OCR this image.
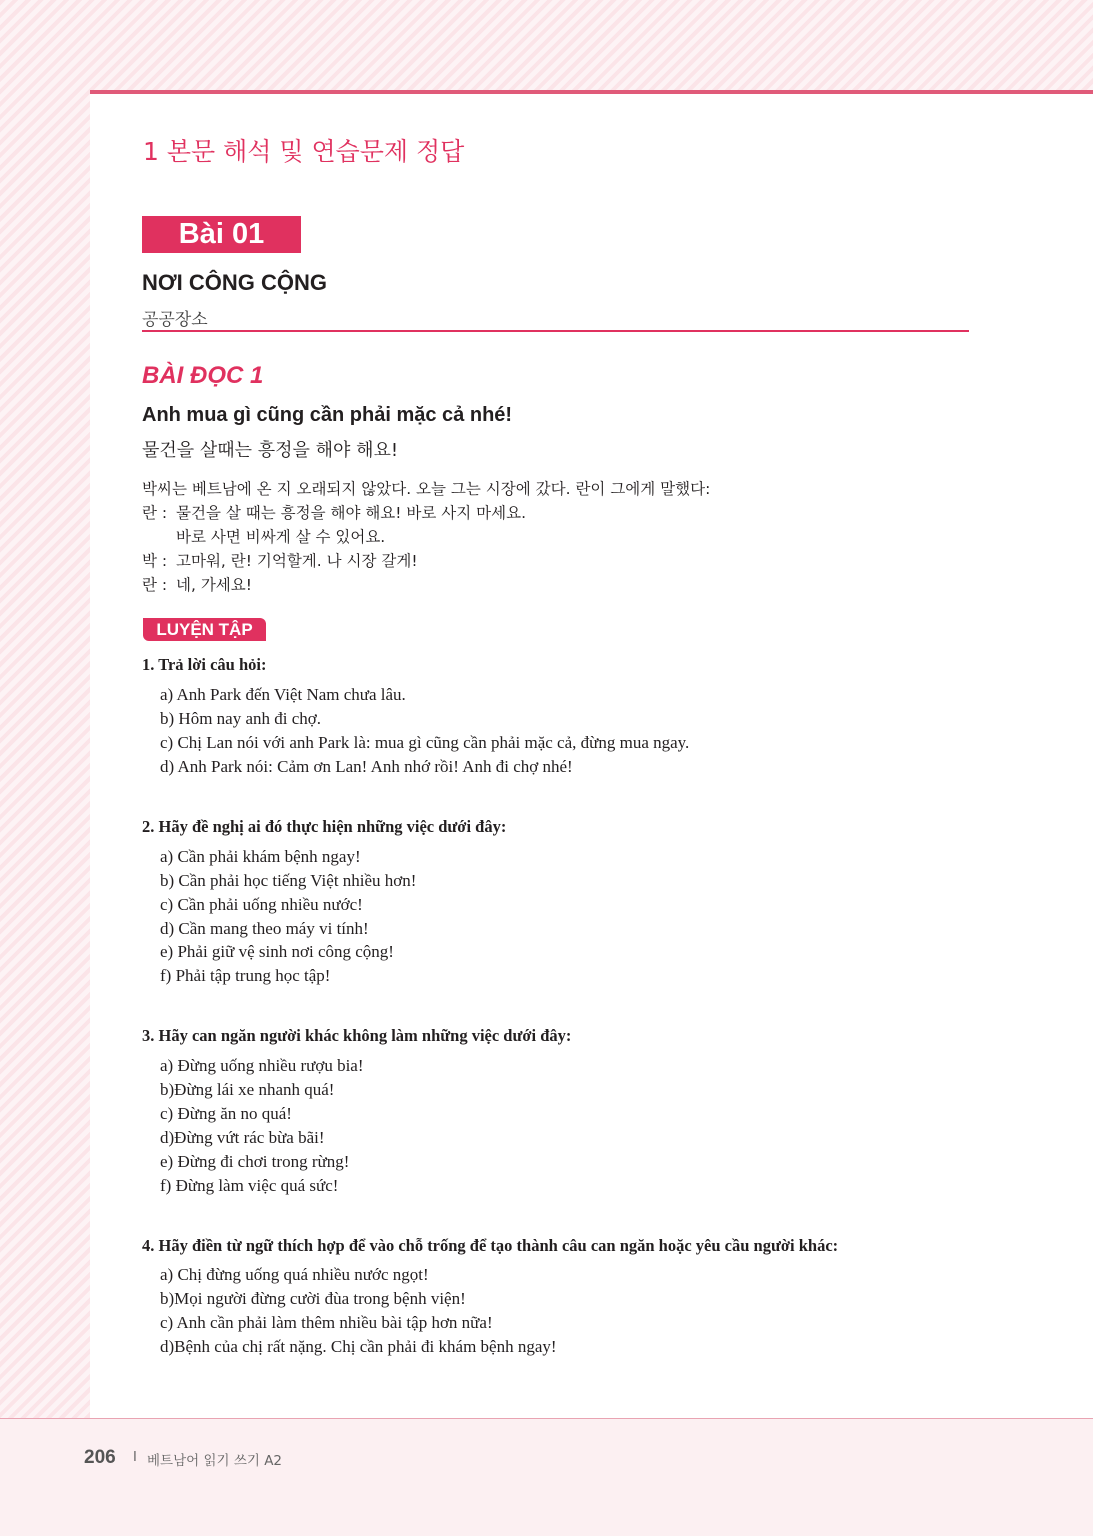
1 본문 해석 및 연습문제 정답
Bài 01
NƠI CÔNG CỘNG
공공장소
BÀI ĐỌC 1
Anh mua gì cũng cần phải mặc cả nhé!
물건을 살때는 흥정을 해야 해요!
박씨는 베트남에 온 지 오래되지 않았다. 오늘 그는 시장에 갔다. 란이 그에게 말했다:
란 : 물건을 살 때는 흥정을 해야 해요! 바로 사지 마세요.
바로 사면 비싸게 살 수 있어요.
박 : 고마워, 란! 기억할게. 나 시장 갈게!
란 : 네, 가세요!
LUYỆN TẬP
1. Trả lời câu hỏi:
a) Anh Park đến Việt Nam chưa lâu.
b) Hôm nay anh đi chợ.
c) Chị Lan nói với anh Park là: mua gì cũng cần phải mặc cả, đừng mua ngay.
d) Anh Park nói: Cảm ơn Lan! Anh nhớ rồi! Anh đi chợ nhé!
2. Hãy đề nghị ai đó thực hiện những việc dưới đây:
a) Cần phải khám bệnh ngay!
b) Cần phải học tiếng Việt nhiều hơn!
c) Cần phải uống nhiều nước!
d) Cần mang theo máy vi tính!
e) Phải giữ vệ sinh nơi công cộng!
f) Phải tập trung học tập!
3. Hãy can ngăn người khác không làm những việc dưới đây:
a) Đừng uống nhiều rượu bia!
b)Đừng lái xe nhanh quá!
c) Đừng ăn no quá!
d)Đừng vứt rác bừa bãi!
e) Đừng đi chơi trong rừng!
f) Đừng làm việc quá sức!
4. Hãy điền từ ngữ thích hợp để vào chỗ trống để tạo thành câu can ngăn hoặc yêu cầu người khác:
a) Chị đừng uống quá nhiều nước ngọt!
b)Mọi người đừng cười đùa trong bệnh viện!
c) Anh cần phải làm thêm nhiều bài tập hơn nữa!
d)Bệnh của chị rất nặng. Chị cần phải đi khám bệnh ngay!
206 I 베트남어 읽기 쓰기 A2
